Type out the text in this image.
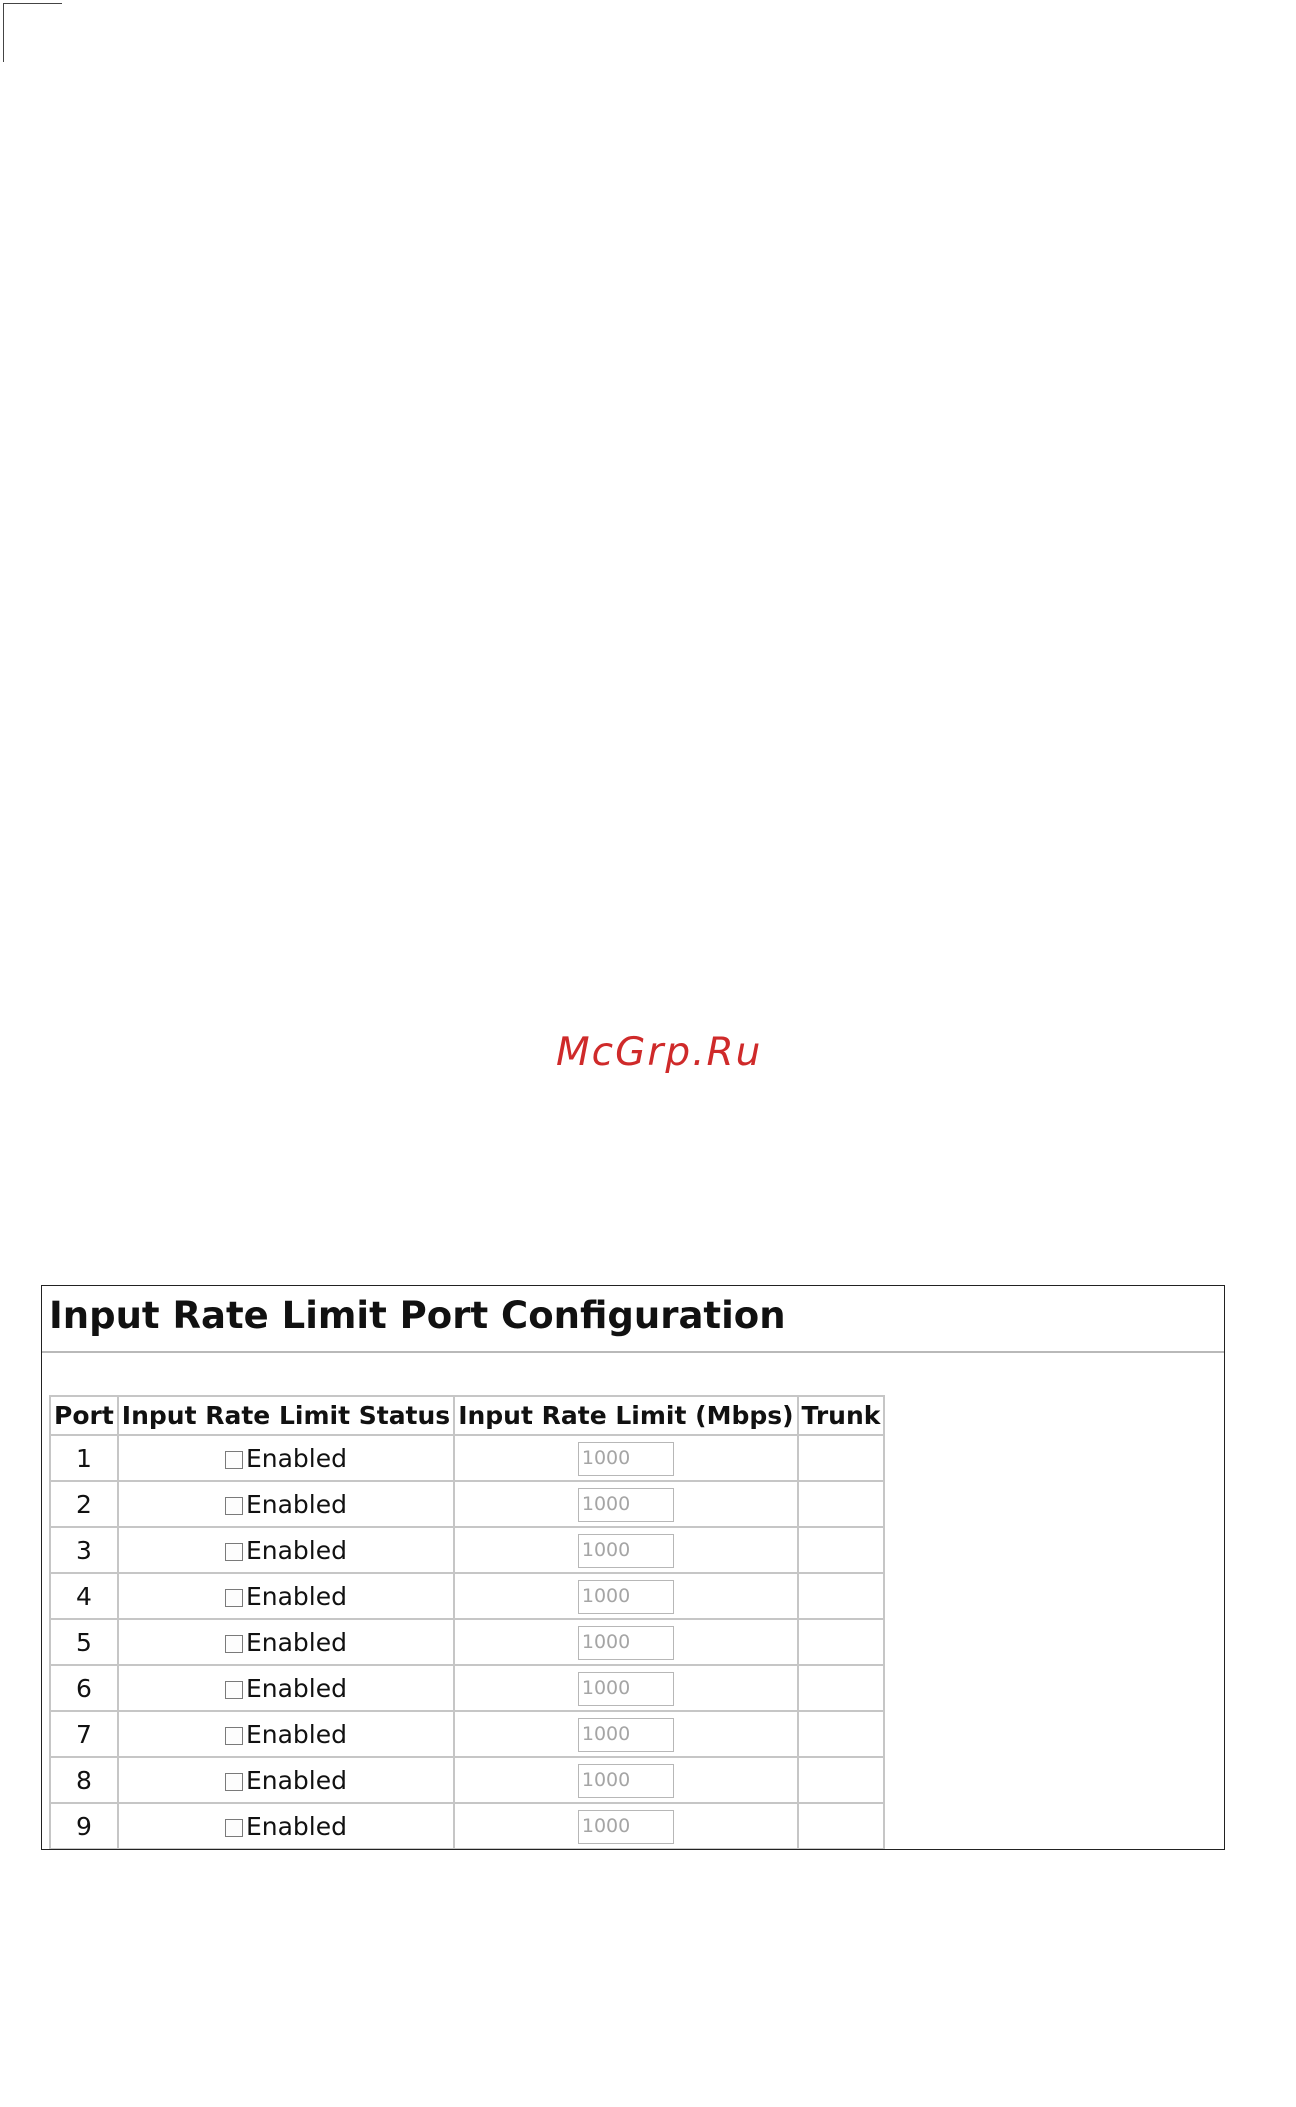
McGrp.Ru
Input Rate Limit Port Configuration
Port	Input Rate Limit Status	Input Rate Limit (Mbps)	Trunk
1	Enabled	1000	
2	Enabled	1000	
3	Enabled	1000	
4	Enabled	1000	
5	Enabled	1000	
6	Enabled	1000	
7	Enabled	1000	
8	Enabled	1000	
9	Enabled	1000	
